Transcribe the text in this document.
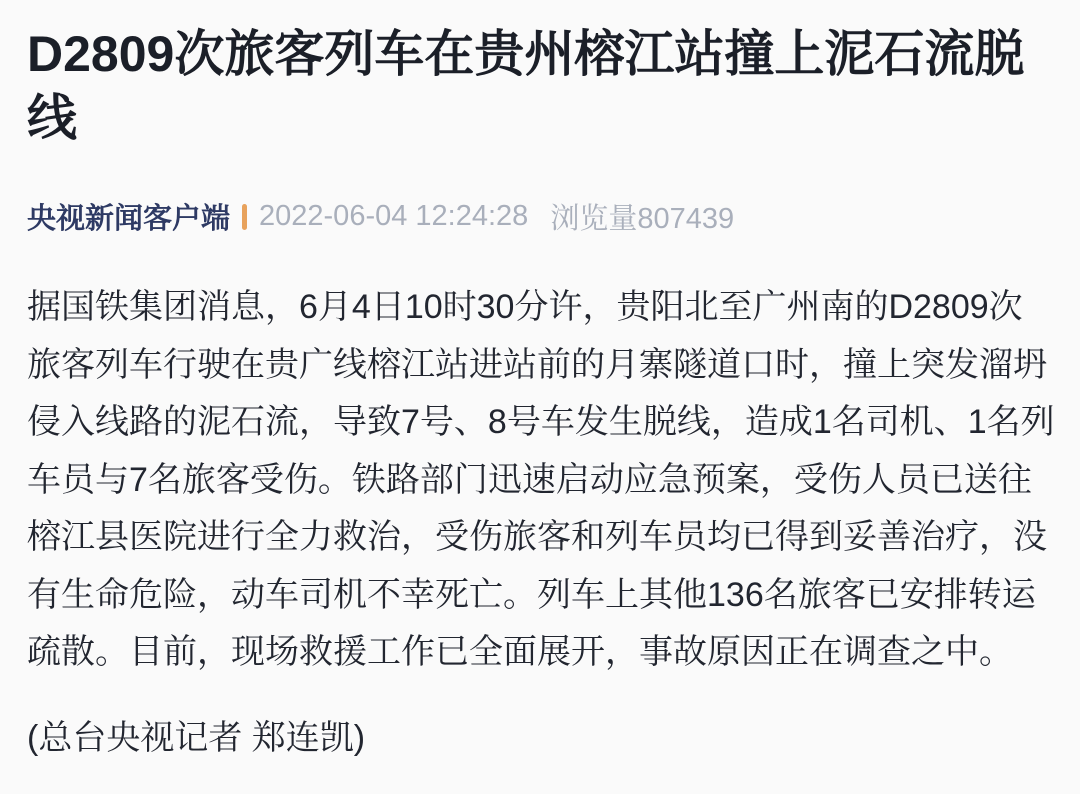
D2809次旅客列车在贵州榕江站撞上泥石流脱
线
央视新闻客户端 2022-06-04 12:24:28 浏览量807439
据国铁集团消息，6月4日10时30分许，贵阳北至广州南的D2809次
旅客列车行驶在贵广线榕江站进站前的月寨隧道口时，撞上突发溜坍
侵入线路的泥石流，导致7号、8号车发生脱线，造成1名司机、1名列
车员与7名旅客受伤。铁路部门迅速启动应急预案，受伤人员已送往
榕江县医院进行全力救治，受伤旅客和列车员均已得到妥善治疗，没
有生命危险，动车司机不幸死亡。列车上其他136名旅客已安排转运
疏散。目前，现场救援工作已全面展开，事故原因正在调查之中。
(总台央视记者 郑连凯)
